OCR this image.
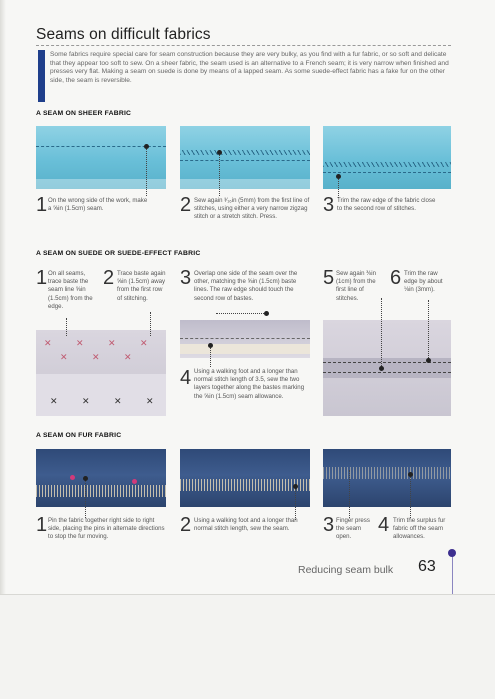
Seams on difficult fabrics
Some fabrics require special care for seam construction because they are very bulky, as you find with a fur fabric, or so soft and delicate that they appear too soft to sew. On a sheer fabric, the seam used is an alternative to a French seam; it is very narrow when finished and presses very flat. Making a seam on suede is done by means of a lapped seam. As some suede-effect fabric has a fake fur on the other side, the seam is reversible.
A SEAM ON SHEER FABRIC
1 On the wrong side of the work, make a ⅝in (1.5cm) seam.	2 Sew again ³⁄₁₆in (5mm) from the first line of stitches, using either a very narrow zigzag stitch or a stretch stitch. Press.
3 Trim the raw edge of the fabric close to the second row of stitches.
A SEAM ON SUEDE OR SUEDE-EFFECT FABRIC
1 On all seams, trace baste the seam line ⅝in (1.5cm) from the edge.
2 Trace baste again ⅝in (1.5cm) away from the first row of stitching.
3 Overlap one side of the seam over the other, matching the ⅝in (1.5cm) baste lines. The raw edge should touch the second row of bastes.
5 Sew again ⅜in (1cm) from the first line of stitches.
6 Trim the raw edge by about ⅛in (3mm).
✕	✕	✕	✕
✕	✕	✕
✕	✕	✕	✕
4 Using a walking foot and a longer than normal stitch length of 3.5, sew the two layers together along the bastes marking the ⅝in (1.5cm) seam allowance.
A SEAM ON FUR FABRIC
1 Pin the fabric together right side to right side, placing the pins in alternate directions to stop the fur moving.
2 Using a walking foot and a longer than normal stitch length, sew the seam.	3 Finger press the seam open.
4 Trim the surplus fur fabric off the seam allowances.
Reducing seam bulk 63
